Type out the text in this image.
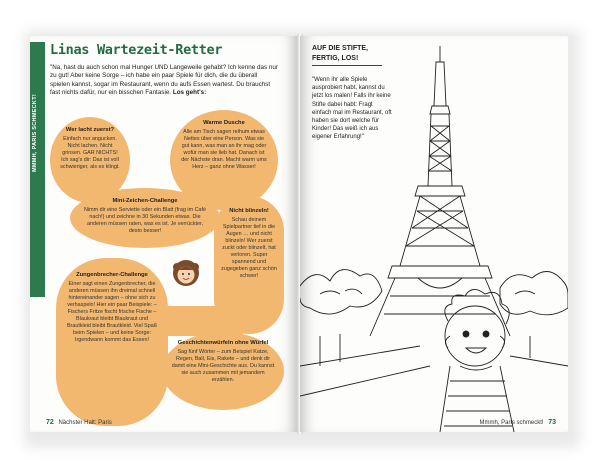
MMMH, PARIS SCHMECKT!
Linas Wartezeit-Retter
"Na, hast du auch schon mal Hunger UND Langeweile gehabt? Ich kenne das nur zu gut! Aber keine Sorge – ich habe ein paar Spiele für dich, die du überall spielen kannst, sogar im Restaurant, wenn du aufs Essen wartest. Du brauchst fast nichts dafür, nur ein bisschen Fantasie. Los geht's:
Wer lacht zuerst?
Einfach nur angucken. Nicht lachen. Nicht grinsen. GAR NICHTS! Ich sag's dir: Das ist voll schwieriger, als es klingt.
Warme Dusche
Alle am Tisch sagen reihum etwas Nettes über eine Person. Was sie gut kann, was man an ihr mag oder wofür man sie lieb hat. Danach ist der Nächste dran. Macht warm ums Herz – ganz ohne Wasser!
Mini-Zeichen-Challenge
Nimm dir eine Serviette oder ein Blatt (frag im Café nach!) und zeichne in 30 Sekunden etwas. Die anderen müssen raten, was es ist. Je verrückter, desto besser!
Nicht blinzeln!
Schau deinem Spielpartner tief in die Augen … und nicht blinzeln! Wer zuerst zuckt oder blinzelt, hat verloren. Super spannend und zugegeben ganz schön schwer!
Zungenbrecher-Challenge
Einer sagt einen Zungenbrecher, die anderen müssen ihn dreimal schnell hintereinander sagen – ohne sich zu verhaspeln! Hier ein paar Beispiele: – Fischers Fritze fischt frische Fische – Blaukraut bleibt Blaukraut und Brautkleid bleibt Brautkleid. Viel Spaß beim Spielen – und keine Sorge: Irgendwann kommt das Essen!	Geschichtenwürfeln ohne Würfel
Sag fünf Wörter – zum Beispiel Katze, Regen, Ball, Eis, Rakete – und denk dir damit eine Mini-Geschichte aus. Du kannst sie auch zusammen mit jemandem erzählen.
72 Nächster Halt: Paris
AUF DIE STIFTE, FERTIG, LOS!
"Wenn ihr alle Spiele ausprobiert habt, kannst du jetzt los malen! Falls ihr keine Stifte dabei habt: Fragt einfach mal im Restaurant, oft haben sie dort welche für Kinder! Das weiß ich aus eigener Erfahrung!"
Mmmh, Paris schmeckt! 73
